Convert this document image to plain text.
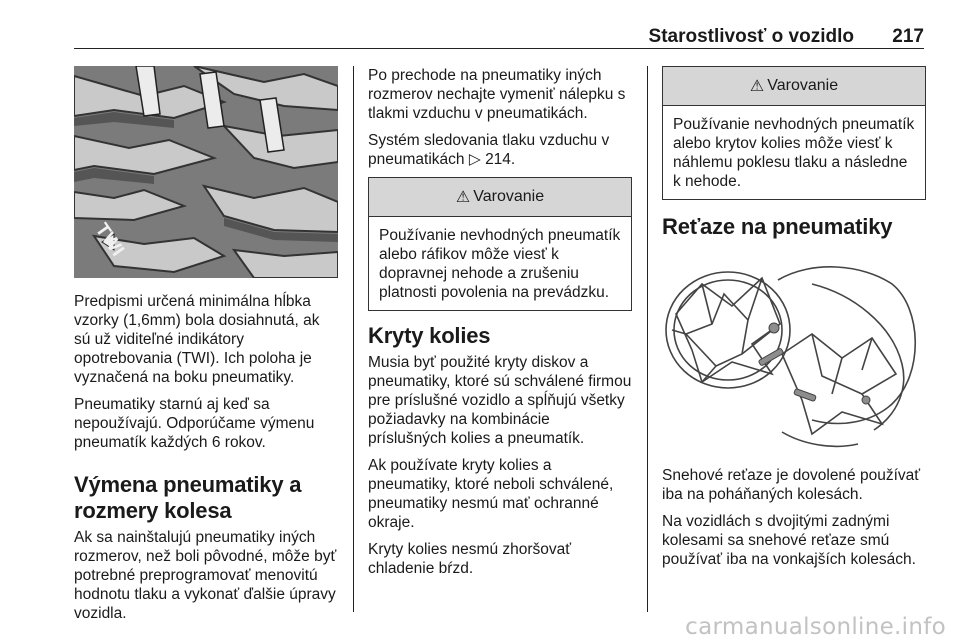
Starostlivosť o vozidlo 217
TWI

Predpismi určená minimálna hĺbka vzorky (1,6mm) bola dosiahnutá, ak sú už viditeľné indikátory opotrebovania (TWI). Ich poloha je vyznačená na boku pneumatiky.

Pneumatiky starnú aj keď sa nepoužívajú. Odporúčame výmenu pneumatík každých 6 rokov.

Výmena pneumatiky a
rozmery kolesa

Ak sa nainštalujú pneumatiky iných rozmerov, než boli pôvodné, môže byť potrebné preprogramovať menovitú hodnotu tlaku a vykonať ďalšie úpravy vozidla.

Po prechode na pneumatiky iných rozmerov nechajte vymeniť nálepku s tlakmi vzduchu v pneumatikách.

Systém sledovania tlaku vzduchu v pneumatikách ▷ 214.

⚠ Varovanie
Používanie nevhodných pneumatík alebo ráfikov môže viesť k dopravnej nehode a zrušeniu platnosti povolenia na prevádzku.
Kryty kolies

Musia byť použité kryty diskov a pneumatiky, ktoré sú schválené firmou pre príslušné vozidlo a spĺňujú všetky požiadavky na kombinácie príslušných kolies a pneumatík.

Ak používate kryty kolies a pneumatiky, ktoré neboli schválené, pneumatiky nesmú mať ochranné okraje.

Kryty kolies nesmú zhoršovať chladenie bŕzd.

⚠ Varovanie
Používanie nevhodných pneumatík alebo krytov kolies môže viesť k náhlemu poklesu tlaku a následne k nehode.
Reťaze na pneumatiky

Snehové reťaze je dovolené používať iba na poháňaných kolesách.

Na vozidlách s dvojitými zadnými kolesami sa snehové reťaze smú používať iba na vonkajších kolesách.

carmanualsonline.info
